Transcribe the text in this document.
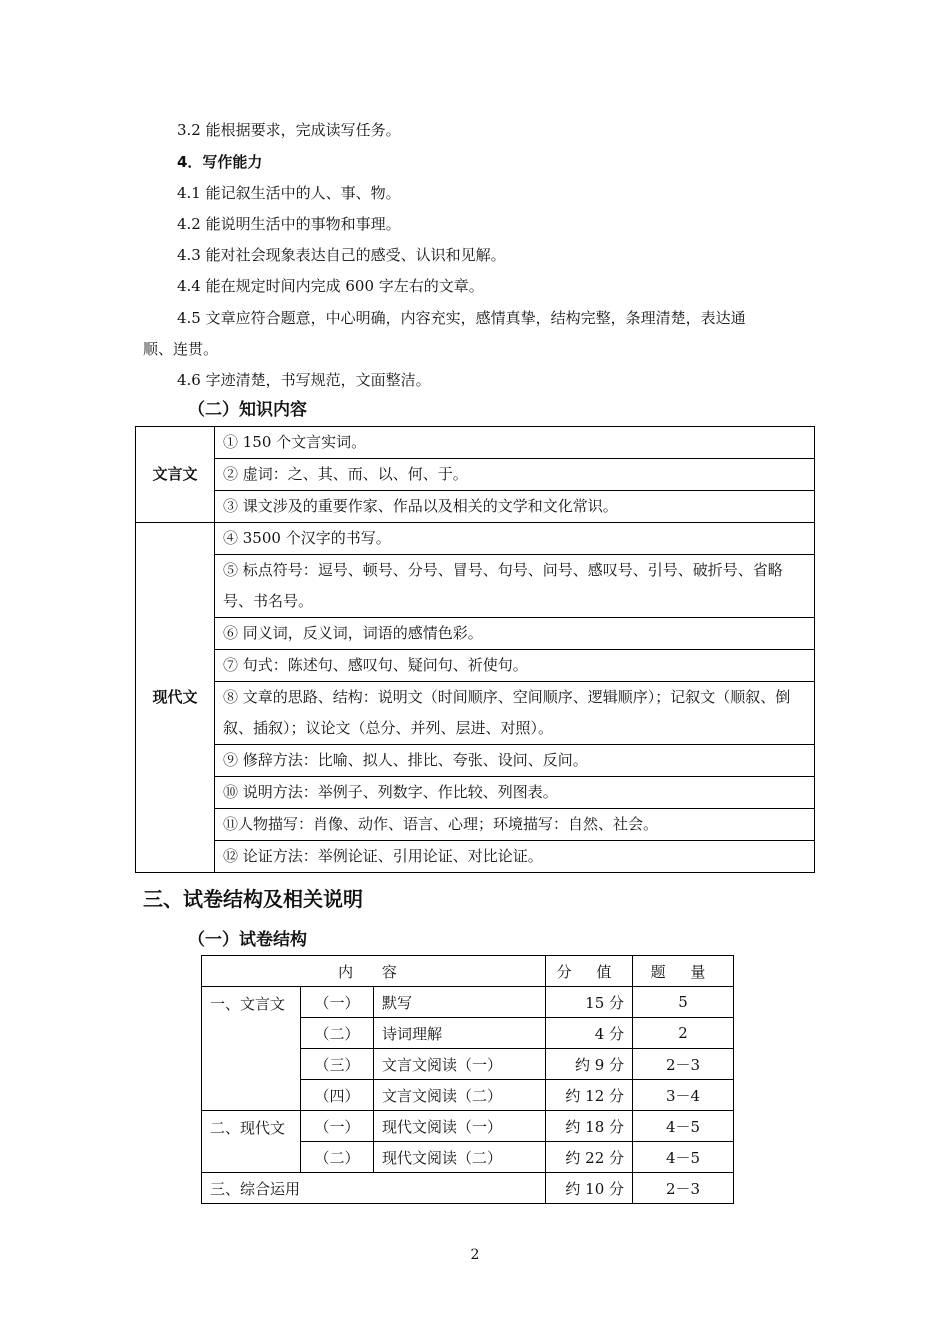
3.2 能根据要求，完成读写任务。
4．写作能力
4.1 能记叙生活中的人、事、物。
4.2 能说明生活中的事物和事理。
4.3 能对社会现象表达自己的感受、认识和见解。
4.4 能在规定时间内完成 600 字左右的文章。
4.5 文章应符合题意，中心明确，内容充实，感情真挚，结构完整，条理清楚，表达通
顺、连贯。
4.6 字迹清楚，书写规范，文面整洁。
（二）知识内容
文言文	① 150 个文言实词。
	② 虚词：之、其、而、以、何、于。
	③ 课文涉及的重要作家、作品以及相关的文学和文化常识。
现代文	④ 3500 个汉字的书写。
	⑤ 标点符号：逗号、顿号、分号、冒号、句号、问号、感叹号、引号、破折号、省略号、书名号。
	⑥ 同义词，反义词，词语的感情色彩。
	⑦ 句式：陈述句、感叹句、疑问句、祈使句。
	⑧ 文章的思路、结构：说明文（时间顺序、空间顺序、逻辑顺序）；记叙文（顺叙、倒叙、插叙）；议论文（总分、并列、层进、对照）。
	⑨ 修辞方法：比喻、拟人、排比、夸张、设问、反问。
	⑩ 说明方法：举例子、列数字、作比较、列图表。
	⑪人物描写：肖像、动作、语言、心理；环境描写：自然、社会。
	⑫ 论证方法：举例论证、引用论证、对比论证。
三、试卷结构及相关说明
（一）试卷结构
内 容			分 值	题 量
一、文言文	（一）	默写	15 分	5
	（二）	诗词理解	4 分	2
	（三）	文言文阅读（一）	约 9 分	2－3
	（四）	文言文阅读（二）	约 12 分	3－4
二、现代文	（一）	现代文阅读（一）	约 18 分	4－5
	（二）	现代文阅读（二）	约 22 分	4－5
三、综合运用			约 10 分	2－3
2
